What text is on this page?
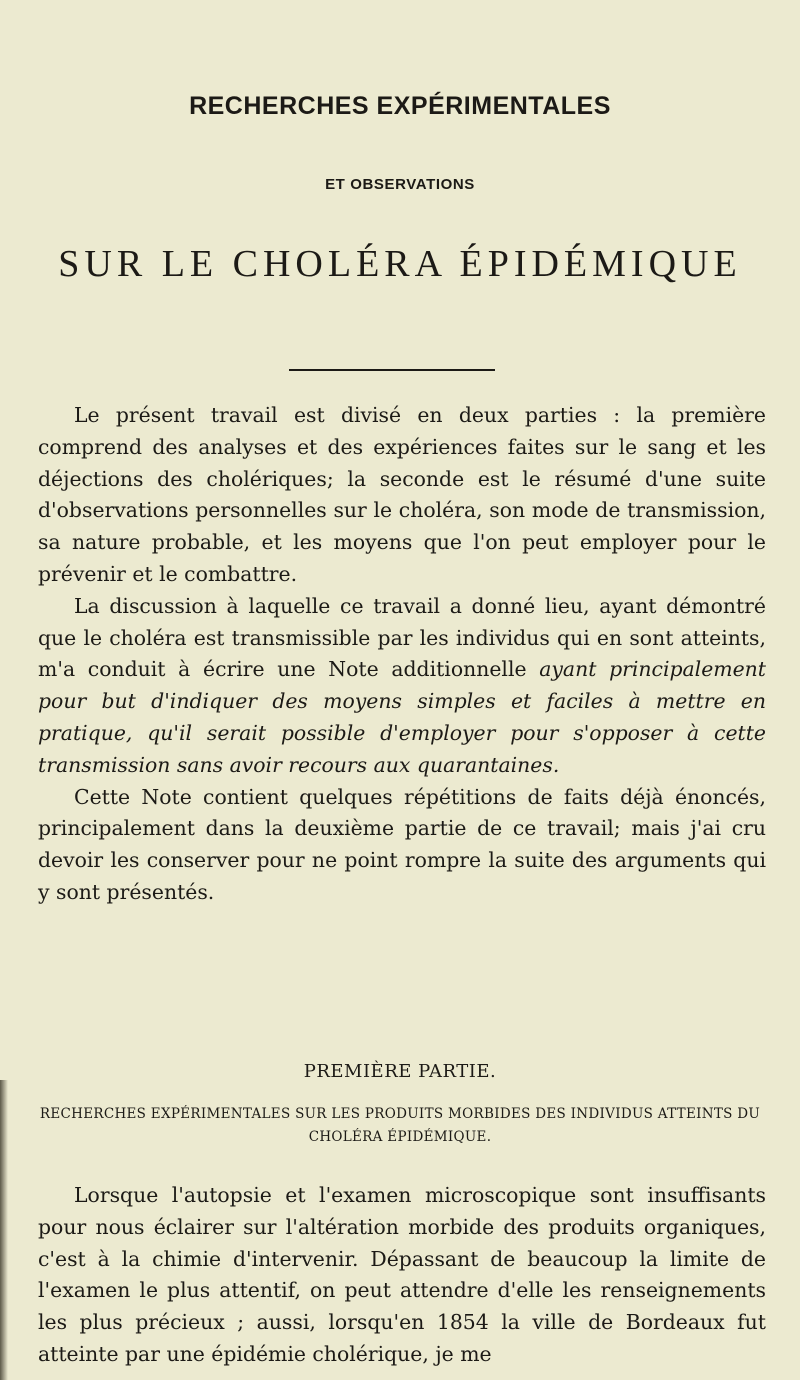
RECHERCHES EXPÉRIMENTALES
ET OBSERVATIONS
SUR LE CHOLÉRA ÉPIDÉMIQUE

Le présent travail est divisé en deux parties : la première comprend des analyses et des expériences faites sur le sang et les déjections des cholériques; la seconde est le résumé d'une suite d'observations personnelles sur le choléra, son mode de transmission, sa nature probable, et les moyens que l'on peut employer pour le prévenir et le combattre.

La discussion à laquelle ce travail a donné lieu, ayant démontré que le choléra est transmissible par les individus qui en sont atteints, m'a conduit à écrire une Note additionnelle ayant principalement pour but d'indiquer des moyens simples et faciles à mettre en pratique, qu'il serait possible d'employer pour s'opposer à cette transmission sans avoir recours aux quarantaines.

Cette Note contient quelques répétitions de faits déjà énoncés, principalement dans la deuxième partie de ce travail; mais j'ai cru devoir les conserver pour ne point rompre la suite des arguments qui y sont présentés.

PREMIÈRE PARTIE.
RECHERCHES EXPÉRIMENTALES SUR LES PRODUITS MORBIDES DES INDIVIDUS ATTEINTS DU CHOLÉRA ÉPIDÉMIQUE.

Lorsque l'autopsie et l'examen microscopique sont insuffisants pour nous éclairer sur l'altération morbide des produits organiques, c'est à la chimie d'intervenir. Dépassant de beaucoup la limite de l'examen le plus attentif, on peut attendre d'elle les renseignements les plus précieux ; aussi, lorsqu'en 1854 la ville de Bordeaux fut atteinte par une épidémie cholérique, je me
